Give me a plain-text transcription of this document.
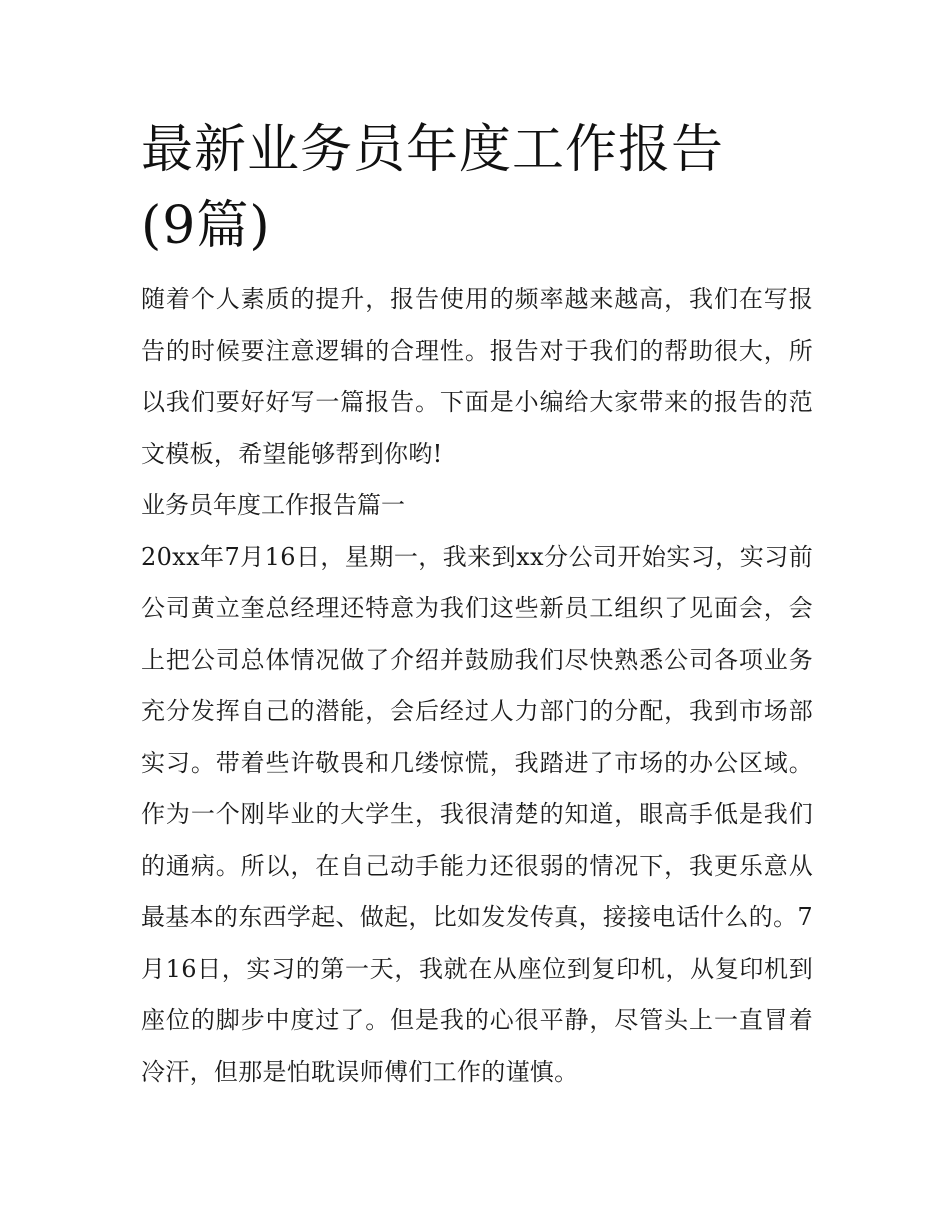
最新业务员年度工作报告(9篇)

随着个人素质的提升，报告使用的频率越来越高，我们在写报告的时候要注意逻辑的合理性。报告对于我们的帮助很大，所以我们要好好写一篇报告。下面是小编给大家带来的报告的范文模板，希望能够帮到你哟!

业务员年度工作报告篇一

20xx年7月16日，星期一，我来到xx分公司开始实习，实习前公司黄立奎总经理还特意为我们这些新员工组织了见面会，会上把公司总体情况做了介绍并鼓励我们尽快熟悉公司各项业务充分发挥自己的潜能，会后经过人力部门的分配，我到市场部实习。带着些许敬畏和几缕惊慌，我踏进了市场的办公区域。作为一个刚毕业的大学生，我很清楚的知道，眼高手低是我们的通病。所以，在自己动手能力还很弱的情况下，我更乐意从最基本的东西学起、做起，比如发发传真，接接电话什么的。7月16日，实习的第一天，我就在从座位到复印机，从复印机到座位的脚步中度过了。但是我的心很平静，尽管头上一直冒着冷汗，但那是怕耽误师傅们工作的谨慎。
